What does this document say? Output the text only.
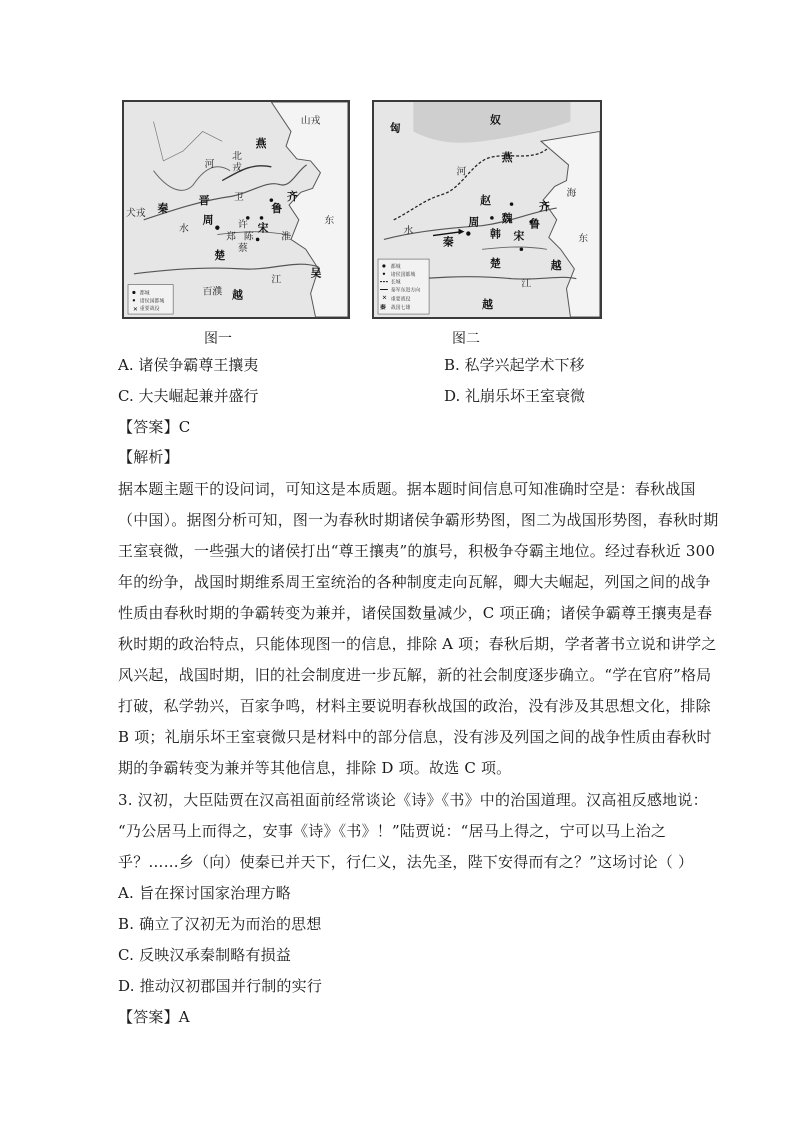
山戎
燕
北
戎
河
齐
鲁
卫
晋
犬戎 秦
周
郑
许 宋
陈
蔡
楚
越
吴
百濮
水
江
东
淮
✕
都城
诸侯国都城
重要战役
匈
奴
燕
赵	齐
鲁
魏
韩
周
秦	宋
楚	越
越
河
海
东
水
江
✕
秦
都城
诸侯国都城
长城
秦军东进方向
重要战役
战国七雄
图一	图二
A. 诸侯争霸尊王攘夷	B. 私学兴起学术下移
C. 大夫崛起兼并盛行	D. 礼崩乐坏王室衰微
【答案】C
【解析】
据本题主题干的设问词，可知这是本质题。据本题时间信息可知准确时空是：春秋战国
（中国）。据图分析可知，图一为春秋时期诸侯争霸形势图，图二为战国形势图，春秋时期
王室衰微，一些强大的诸侯打出“尊王攘夷”的旗号，积极争夺霸主地位。经过春秋近 300
年的纷争，战国时期维系周王室统治的各种制度走向瓦解，卿大夫崛起，列国之间的战争
性质由春秋时期的争霸转变为兼并，诸侯国数量减少，C 项正确；诸侯争霸尊王攘夷是春
秋时期的政治特点，只能体现图一的信息，排除 A 项；春秋后期，学者著书立说和讲学之
风兴起，战国时期，旧的社会制度进一步瓦解，新的社会制度逐步确立。“学在官府”格局
打破，私学勃兴，百家争鸣，材料主要说明春秋战国的政治，没有涉及其思想文化，排除
B 项；礼崩乐坏王室衰微只是材料中的部分信息，没有涉及列国之间的战争性质由春秋时
期的争霸转变为兼并等其他信息，排除 D 项。故选 C 项。
3. 汉初，大臣陆贾在汉高祖面前经常谈论《诗》《书》中的治国道理。汉高祖反感地说：
“乃公居马上而得之，安事《诗》《书》！”陆贾说：“居马上得之，宁可以马上治之
乎？……乡（向）使秦已并天下，行仁义，法先圣，陛下安得而有之？”这场讨论（ ）
A. 旨在探讨国家治理方略
B. 确立了汉初无为而治的思想
C. 反映汉承秦制略有损益
D. 推动汉初郡国并行制的实行
【答案】A
